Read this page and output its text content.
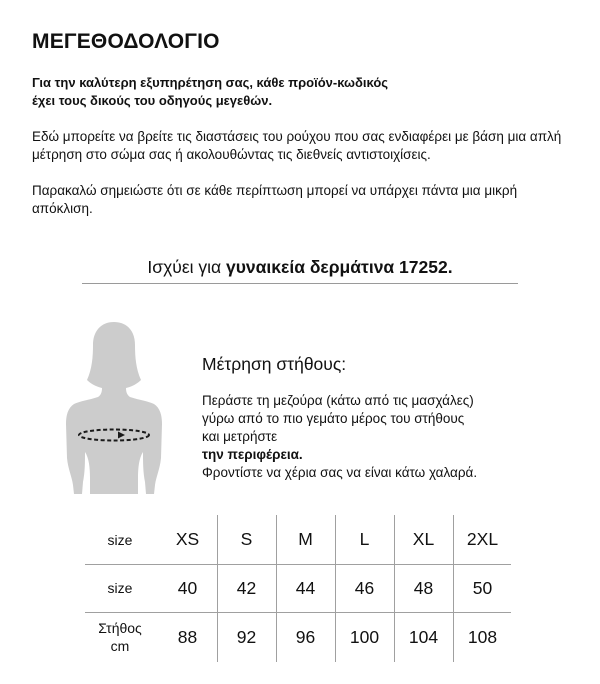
ΜΕΓΕΘΟΔΟΛΟΓΙΟ
Για την καλύτερη εξυπηρέτηση σας, κάθε προϊόν-κωδικός
έχει τους δικούς του οδηγούς μεγεθών.
Εδώ μπορείτε να βρείτε τις διαστάσεις του ρούχου που σας ενδιαφέρει με βάση μια απλή μέτρηση στο σώμα σας ή ακολουθώντας τις διεθνείς αντιστοιχίσεις.
Παρακαλώ σημειώστε ότι σε κάθε περίπτωση μπορεί να υπάρχει πάντα μια μικρή απόκλιση.
Ισχύει για γυναικεία δερμάτινα 17252.
Μέτρηση στήθους:
Περάστε τη μεζούρα (κάτω από τις μασχάλες)
γύρω από το πιο γεμάτο μέρος του στήθους
και μετρήστε
την περιφέρεια.
Φροντίστε να χέρια σας να είναι κάτω χαλαρά.
size	XS	S	M	L	XL	2XL
size	40	42	44	46	48	50
Στήθος
cm	88	92	96	100	104	108
